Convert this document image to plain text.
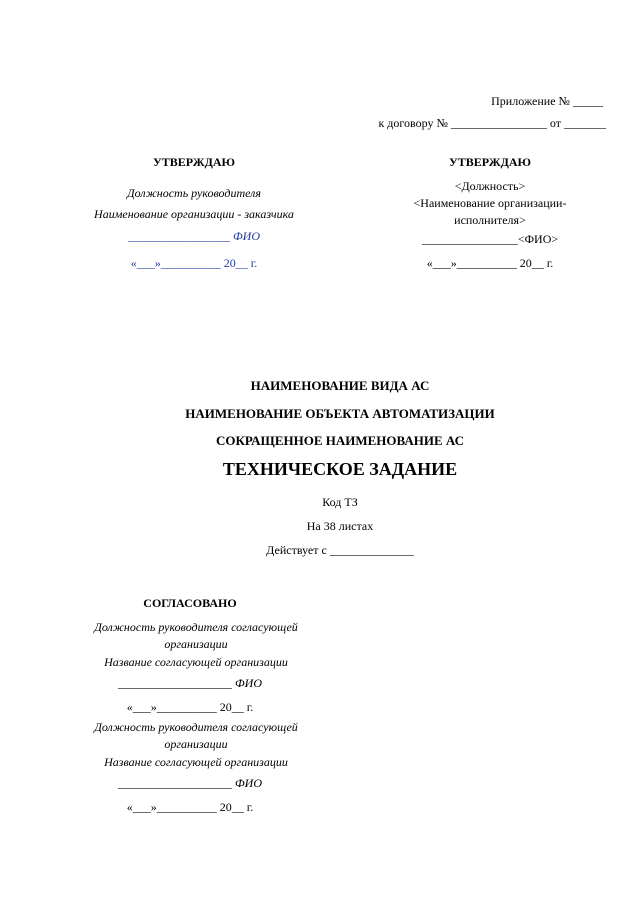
Приложение № _____
к договору № ________________ от _______
УТВЕРЖДАЮ
Должность руководителя
Наименование организации - заказчика
_________________ ФИО
«___»__________ 20__ г.
УТВЕРЖДАЮ
<Должность>
<Наименование организации-
исполнителя>
________________<ФИО>
«___»__________ 20__ г.
НАИМЕНОВАНИЕ ВИДА АС
НАИМЕНОВАНИЕ ОБЪЕКТА АВТОМАТИЗАЦИИ
СОКРАЩЕННОЕ НАИМЕНОВАНИЕ АС
ТЕХНИЧЕСКОЕ ЗАДАНИЕ
Код ТЗ
На 38 листах
Действует с ______________
СОГЛАСОВАНО
Должность руководителя согласующей
организации
Название согласующей организации
___________________ ФИО
«___»__________ 20__ г.
Должность руководителя согласующей
организации
Название согласующей организации
___________________ ФИО
«___»__________ 20__ г.
